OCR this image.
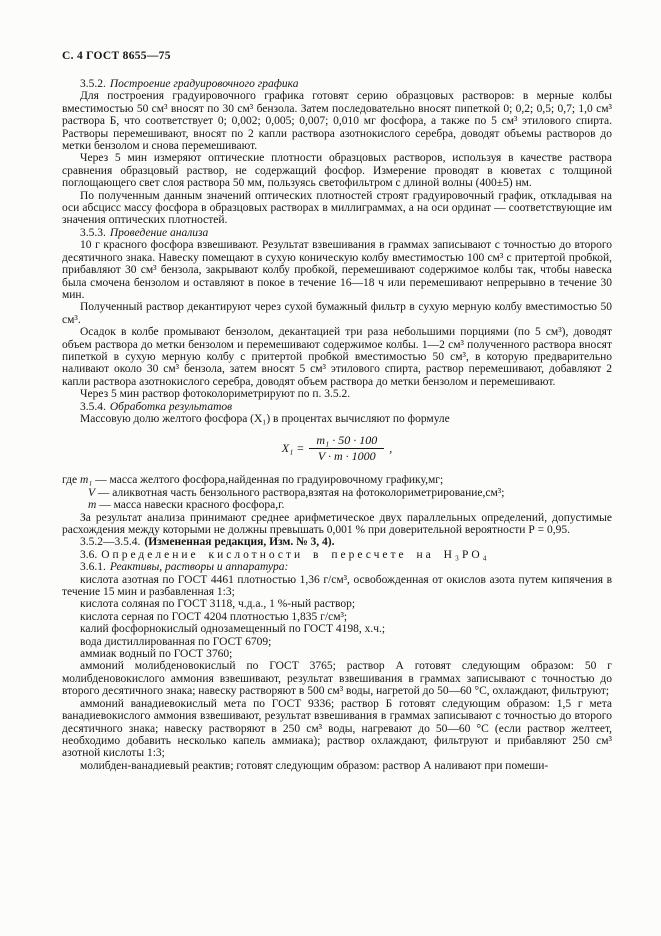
С. 4 ГОСТ 8655—75

3.5.2. Построение градуировочного графика

Для построения градуировочного графика готовят серию образцовых растворов: в мерные колбы вместимостью 50 см³ вносят по 30 см³ бензола. Затем последовательно вносят пипеткой 0; 0,2; 0,5; 0,7; 1,0 см³ раствора Б, что соответствует 0; 0,002; 0,005; 0,007; 0,010 мг фосфора, а также по 5 см³ этилового спирта. Растворы перемешивают, вносят по 2 капли раствора азотнокислого серебра, доводят объемы растворов до метки бензолом и снова перемешивают.

Через 5 мин измеряют оптические плотности образцовых растворов, используя в качестве раствора сравнения образцовый раствор, не содержащий фосфор. Измерение проводят в кюветах с толщиной поглощающего свет слоя раствора 50 мм, пользуясь светофильтром с длиной волны (400±5) нм.

По полученным данным значений оптических плотностей строят градуировочный график, откладывая на оси абсцисс массу фосфора в образцовых растворах в миллиграммах, а на оси ординат — соответствующие им значения оптических плотностей.

3.5.3. Проведение анализа

10 г красного фосфора взвешивают. Результат взвешивания в граммах записывают с точностью до второго десятичного знака. Навеску помещают в сухую коническую колбу вместимостью 100 см³ с притертой пробкой, прибавляют 30 см³ бензола, закрывают колбу пробкой, перемешивают содержимое колбы так, чтобы навеска была смочена бензолом и оставляют в покое в течение 16—18 ч или перемешивают непрерывно в течение 30 мин.

Полученный раствор декантируют через сухой бумажный фильтр в сухую мерную колбу вместимостью 50 см³.

Осадок в колбе промывают бензолом, декантацией три раза небольшими порциями (по 5 см³), доводят объем раствора до метки бензолом и перемешивают содержимое колбы. 1—2 см³ полученного раствора вносят пипеткой в сухую мерную колбу с притертой пробкой вместимостью 50 см³, в которую предварительно наливают около 30 см³ бензола, затем вносят 5 см³ этилового спирта, раствор перемешивают, добавляют 2 капли раствора азотнокислого серебра, доводят объем раствора до метки бензолом и перемешивают.

Через 5 мин раствор фотоколориметрируют по п. 3.5.2.

3.5.4. Обработка результатов

Массовую долю желтого фосфора (X₁) в процентах вычисляют по формуле

$X_1 = \frac{\text{m₁ · 50 · 100}}{V \cdot m \cdot 1000}$ ,

где m₁ — масса желтого фосфора,найденная по градуировочному графику,мг;

V — аликвотная часть бензольного раствора,взятая на фотоколориметрирование,см³;

m — масса навески красного фосфора,г.

За результат анализа принимают среднее арифметическое двух параллельных определений, допустимые расхождения между которыми не должны превышать 0,001 % при доверительной вероятности Р = 0,95.

3.5.2—3.5.4. (Измененная редакция, Изм. № 3, 4).

3.6. Определение кислотности в пересчете на H₃PO₄

3.6.1. Реактивы, растворы и аппаратура:

кислота азотная по ГОСТ 4461 плотностью 1,36 г/см³, освобожденная от окислов азота путем кипячения в течение 15 мин и разбавленная 1:3;

кислота соляная по ГОСТ 3118, ч.д.а., 1 %-ный раствор;

кислота серная по ГОСТ 4204 плотностью 1,835 г/см³;

калий фосфорнокислый однозамещенный по ГОСТ 4198, х.ч.;

вода дистиллированная по ГОСТ 6709;

аммиак водный по ГОСТ 3760;

аммоний молибденовокислый по ГОСТ 3765; раствор А готовят следующим образом: 50 г молибденовокислого аммония взвешивают, результат взвешивания в граммах записывают с точностью до второго десятичного знака; навеску растворяют в 500 см³ воды, нагретой до 50—60 °С, охлаждают, фильтруют;

аммоний ванадиевокислый мета по ГОСТ 9336; раствор Б готовят следующим образом: 1,5 г мета ванадиевокислого аммония взвешивают, результат взвешивания в граммах записывают с точностью до второго десятичного знака; навеску растворяют в 250 см³ воды, нагревают до 50—60 °С (если раствор желтеет, необходимо добавить несколько капель аммиака); раствор охлаждают, фильтруют и прибавляют 250 см³ азотной кислоты 1:3;

молибден-ванадиевый реактив; готовят следующим образом: раствор А наливают при помеши-
